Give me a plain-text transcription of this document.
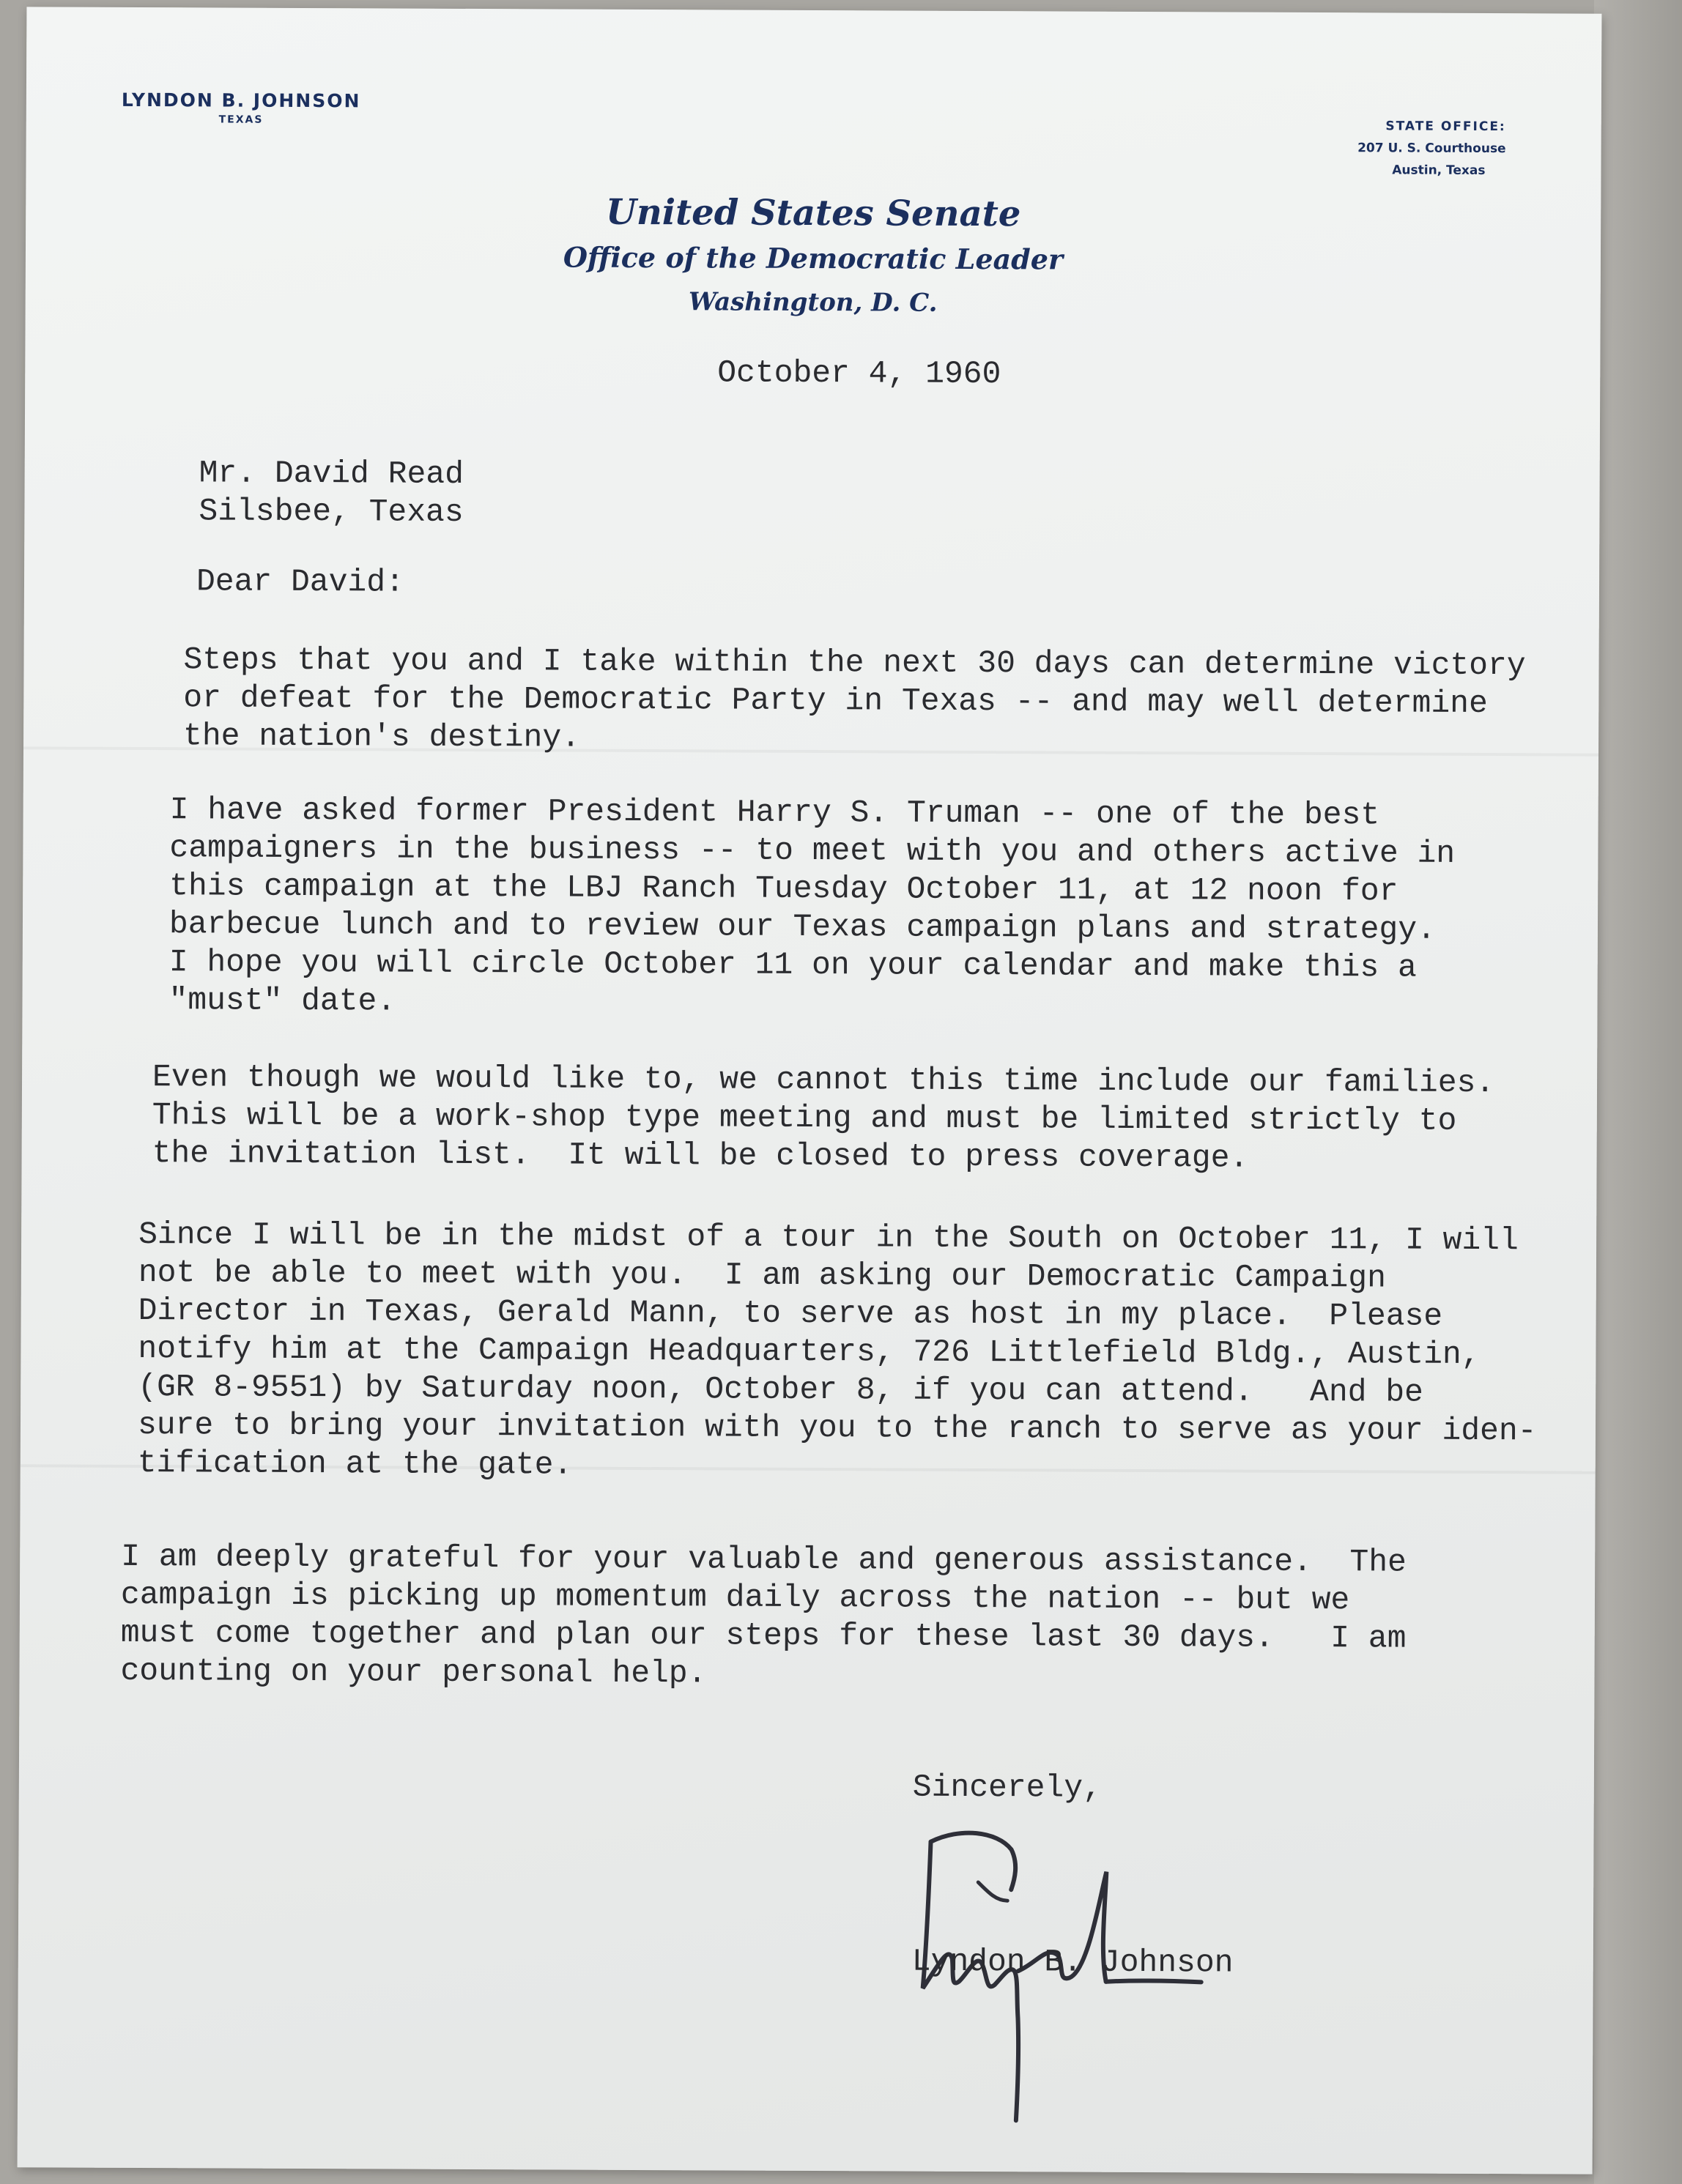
LYNDON B. JOHNSON
TEXAS	STATE OFFICE:
207 U. S. Courthouse
Austin, Texas
United States Senate
Office of the Democratic Leader
Washington, D. C.
October 4, 1960
Mr. David Read
Silsbee, Texas
Dear David:
Steps that you and I take within the next 30 days can determine victory
or defeat for the Democratic Party in Texas -- and may well determine
the nation's destiny.
I have asked former President Harry S. Truman -- one of the best
campaigners in the business -- to meet with you and others active in
this campaign at the LBJ Ranch Tuesday October 11, at 12 noon for
barbecue lunch and to review our Texas campaign plans and strategy.
I hope you will circle October 11 on your calendar and make this a
"must" date.
Even though we would like to, we cannot this time include our families.
This will be a work-shop type meeting and must be limited strictly to
the invitation list.  It will be closed to press coverage.
Since I will be in the midst of a tour in the South on October 11, I will
not be able to meet with you.  I am asking our Democratic Campaign
Director in Texas, Gerald Mann, to serve as host in my place.  Please
notify him at the Campaign Headquarters, 726 Littlefield Bldg., Austin,
(GR 8-9551) by Saturday noon, October 8, if you can attend.   And be
sure to bring your invitation with you to the ranch to serve as your iden-
tification at the gate.
I am deeply grateful for your valuable and generous assistance.  The
campaign is picking up momentum daily across the nation -- but we
must come together and plan our steps for these last 30 days.   I am
counting on your personal help.
Sincerely,
Lyndon B. Johnson
